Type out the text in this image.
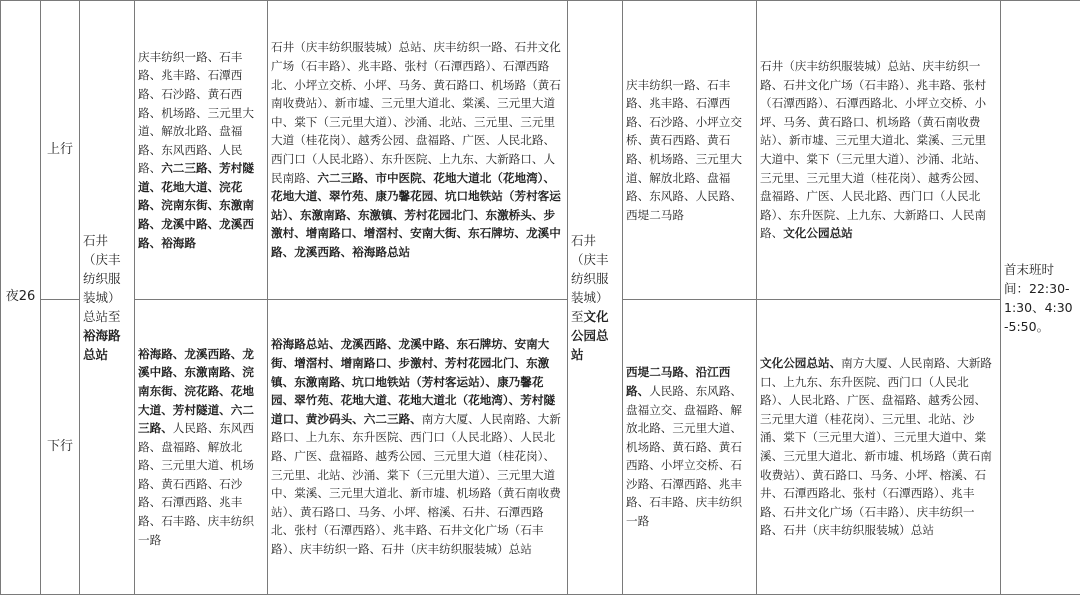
夜26	上行	石井（庆丰纺织服装城）总站至裕海路总站	庆丰纺织一路、石丰路、兆丰路、石潭西路、石沙路、黄石西路、机场路、三元里大道、解放北路、盘福路、东风西路、人民路、六二三路、芳村隧道、花地大道、浣花路、浣南东街、东激南路、龙溪中路、龙溪西路、裕海路	石井（庆丰纺织服装城）总站、庆丰纺织一路、石井文化广场（石丰路）、兆丰路、张村（石潭西路）、石潭西路北、小坪立交桥、小坪、马务、黄石路口、机场路（黄石南收费站）、新市墟、三元里大道北、棠溪、三元里大道中、棠下（三元里大道）、沙涌、北站、三元里、三元里大道（桂花岗）、越秀公园、盘福路、广医、人民北路、西门口（人民北路）、东升医院、上九东、大新路口、人民南路、六二三路、市中医院、花地大道北（花地湾）、花地大道、翠竹苑、康乃馨花园、坑口地铁站（芳村客运站）、东激南路、东激镇、芳村花园北门、东激桥头、步激村、增南路口、增滘村、安南大街、东石牌坊、龙溪中路、龙溪西路、裕海路总站	石井（庆丰纺织服装城）至文化公园总站	庆丰纺织一路、石丰路、兆丰路、石潭西路、石沙路、小坪立交桥、黄石西路、黄石路、机场路、三元里大道、解放北路、盘福路、东风路、人民路、西堤二马路	石井（庆丰纺织服装城）总站、庆丰纺织一路、石井文化广场（石丰路）、兆丰路、张村（石潭西路）、石潭西路北、小坪立交桥、小坪、马务、黄石路口、机场路（黄石南收费站）、新市墟、三元里大道北、棠溪、三元里大道中、棠下（三元里大道）、沙涌、北站、三元里、三元里大道（桂花岗）、越秀公园、盘福路、广医、人民北路、西门口（人民北路）、东升医院、上九东、大新路口、人民南路、文化公园总站	首末班时间：22:30-1:30、4:30-5:50。
	下行		裕海路、龙溪西路、龙溪中路、东激南路、浣南东街、浣花路、花地大道、芳村隧道、六二三路、人民路、东风西路、盘福路、解放北路、三元里大道、机场路、黄石西路、石沙路、石潭西路、兆丰路、石丰路、庆丰纺织一路	裕海路总站、龙溪西路、龙溪中路、东石牌坊、安南大街、增滘村、增南路口、步激村、芳村花园北门、东激镇、东激南路、坑口地铁站（芳村客运站）、康乃馨花园、翠竹苑、花地大道、花地大道北（花地湾）、芳村隧道口、黄沙码头、六二三路、南方大厦、人民南路、大新路口、上九东、东升医院、西门口（人民北路）、人民北路、广医、盘福路、越秀公园、三元里大道（桂花岗）、三元里、北站、沙涌、棠下（三元里大道）、三元里大道中、棠溪、三元里大道北、新市墟、机场路（黄石南收费站）、黄石路口、马务、小坪、榕溪、石井、石潭西路北、张村（石潭西路）、兆丰路、石井文化广场（石丰路）、庆丰纺织一路、石井（庆丰纺织服装城）总站		西堤二马路、沿江西路、人民路、东风路、盘福立交、盘福路、解放北路、三元里大道、机场路、黄石路、黄石西路、小坪立交桥、石沙路、石潭西路、兆丰路、石丰路、庆丰纺织一路	文化公园总站、南方大厦、人民南路、大新路口、上九东、东升医院、西门口（人民北路）、人民北路、广医、盘福路、越秀公园、三元里大道（桂花岗）、三元里、北站、沙涌、棠下（三元里大道）、三元里大道中、棠溪、三元里大道北、新市墟、机场路（黄石南收费站）、黄石路口、马务、小坪、榕溪、石井、石潭西路北、张村（石潭西路）、兆丰路、石井文化广场（石丰路）、庆丰纺织一路、石井（庆丰纺织服装城）总站	
